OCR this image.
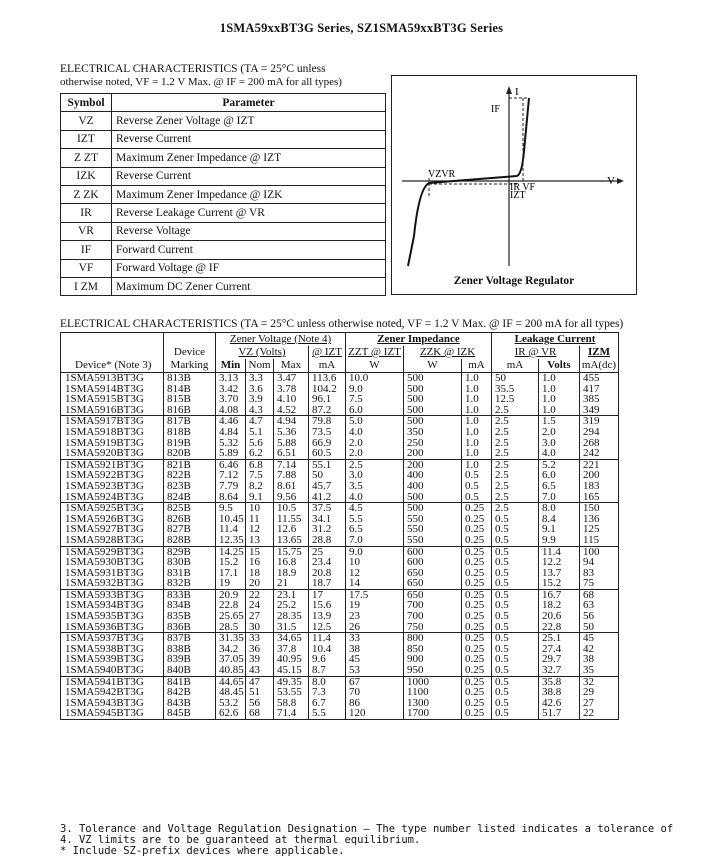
1SMA59xxBT3G Series, SZ1SMA59xxBT3G Series
ELECTRICAL CHARACTERISTICS (TA = 25°C unless
otherwise noted, VF = 1.2 V Max. @ IF = 200 mA for all types)
Symbol	Parameter
VZ	Reverse Zener Voltage @ IZT
IZT	Reverse Current
Z ZT	Maximum Zener Impedance @ IZT
IZK	Reverse Current
Z ZK	Maximum Zener Impedance @ IZK
IR	Reverse Leakage Current @ VR
VR	Reverse Voltage
IF	Forward Current
VF	Forward Voltage @ IF
I ZM	Maximum DC Zener Current
I
IF
V
VZVR
IR VF
IZT
Zener Voltage Regulator
ELECTRICAL CHARACTERISTICS (TA = 25°C unless otherwise noted, VF = 1.2 V Max. @ IF = 200 mA for all types)
		Zener Voltage (Note 4)				Zener Impedance			Leakage Current		
	Device	VZ (Volts)			@ IZT	ZZT @ IZT	ZZK @ IZK		IR @ VR		IZM
Device* (Note 3)	Marking	Min	Nom	Max	mA	W	W	mA	mA	Volts	mA(dc)
1SMA5913BT3G	813B	3.13	3.3	3.47	113.6	10.0	500	1.0	50	1.0	455
1SMA5914BT3G	814B	3.42	3.6	3.78	104.2	9.0	500	1.0	35.5	1.0	417
1SMA5915BT3G	815B	3.70	3.9	4.10	96.1	7.5	500	1.0	12.5	1.0	385
1SMA5916BT3G	816B	4.08	4.3	4.52	87.2	6.0	500	1.0	2.5	1.0	349
1SMA5917BT3G	817B	4.46	4.7	4.94	79.8	5.0	500	1.0	2.5	1.5	319
1SMA5918BT3G	818B	4.84	5.1	5.36	73.5	4.0	350	1.0	2.5	2.0	294
1SMA5919BT3G	819B	5.32	5.6	5.88	66.9	2.0	250	1.0	2.5	3.0	268
1SMA5920BT3G	820B	5.89	6.2	6.51	60.5	2.0	200	1.0	2.5	4.0	242
1SMA5921BT3G	821B	6.46	6.8	7.14	55.1	2.5	200	1.0	2.5	5.2	221
1SMA5922BT3G	822B	7.12	7.5	7.88	50	3.0	400	0.5	2.5	6.0	200
1SMA5923BT3G	823B	7.79	8.2	8.61	45.7	3.5	400	0.5	2.5	6.5	183
1SMA5924BT3G	824B	8.64	9.1	9.56	41.2	4.0	500	0.5	2.5	7.0	165
1SMA5925BT3G	825B	9.5	10	10.5	37.5	4.5	500	0.25	2.5	8.0	150
1SMA5926BT3G	826B	10.45	11	11.55	34.1	5.5	550	0.25	0.5	8.4	136
1SMA5927BT3G	827B	11.4	12	12.6	31.2	6.5	550	0.25	0.5	9.1	125
1SMA5928BT3G	828B	12.35	13	13.65	28.8	7.0	550	0.25	0.5	9.9	115
1SMA5929BT3G	829B	14.25	15	15.75	25	9.0	600	0.25	0.5	11.4	100
1SMA5930BT3G	830B	15.2	16	16.8	23.4	10	600	0.25	0.5	12.2	94
1SMA5931BT3G	831B	17.1	18	18.9	20.8	12	650	0.25	0.5	13.7	83
1SMA5932BT3G	832B	19	20	21	18.7	14	650	0.25	0.5	15.2	75
1SMA5933BT3G	833B	20.9	22	23.1	17	17.5	650	0.25	0.5	16.7	68
1SMA5934BT3G	834B	22.8	24	25.2	15.6	19	700	0.25	0.5	18.2	63
1SMA5935BT3G	835B	25.65	27	28.35	13.9	23	700	0.25	0.5	20.6	56
1SMA5936BT3G	836B	28.5	30	31.5	12.5	26	750	0.25	0.5	22.8	50
1SMA5937BT3G	837B	31.35	33	34.65	11.4	33	800	0.25	0.5	25.1	45
1SMA5938BT3G	838B	34.2	36	37.8	10.4	38	850	0.25	0.5	27.4	42
1SMA5939BT3G	839B	37.05	39	40.95	9.6	45	900	0.25	0.5	29.7	38
1SMA5940BT3G	840B	40.85	43	45.15	8.7	53	950	0.25	0.5	32.7	35
1SMA5941BT3G	841B	44.65	47	49.35	8.0	67	1000	0.25	0.5	35.8	32
1SMA5942BT3G	842B	48.45	51	53.55	7.3	70	1100	0.25	0.5	38.8	29
1SMA5943BT3G	843B	53.2	56	58.8	6.7	86	1300	0.25	0.5	42.6	27
1SMA5945BT3G	845B	62.6	68	71.4	5.5	120	1700	0.25	0.5	51.7	22
3. Tolerance and Voltage Regulation Designation – The type number listed indicates a tolerance of
4. VZ limits are to be guaranteed at thermal equilibrium.
* Include SZ-prefix devices where applicable.
